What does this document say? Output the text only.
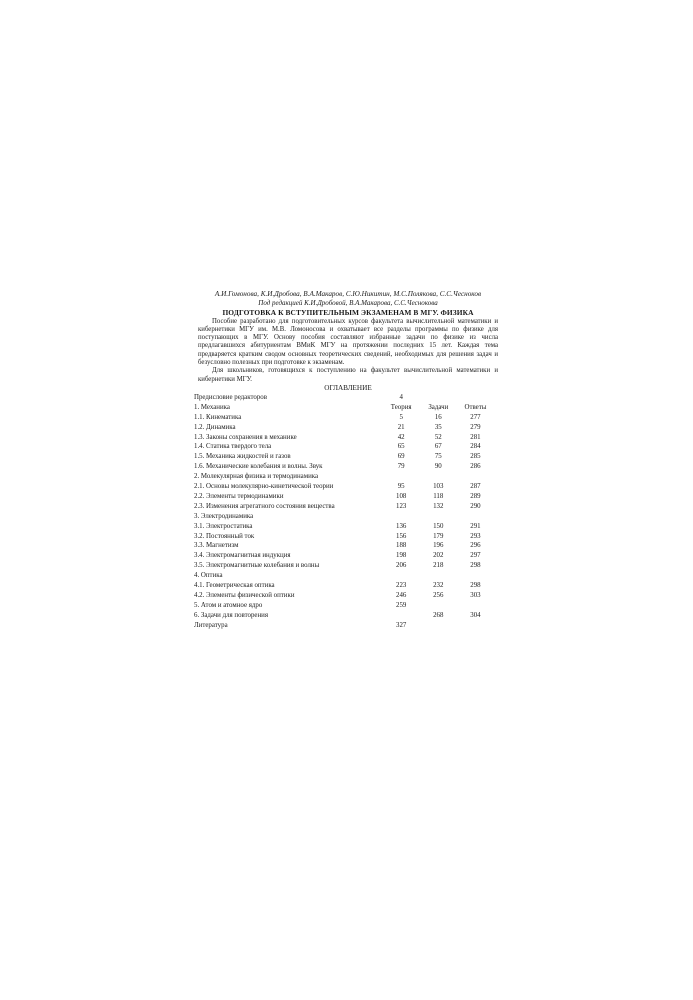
А.И.Гомонова, К.И.Дробова, В.А.Макаров, С.Ю.Никитин, М.С.Полякова, С.С.Чесноков
Под редакцией К.И.Дробовой, В.А.Макарова, С.С.Чеснокова
ПОДГОТОВКА К ВСТУПИТЕЛЬНЫМ ЭКЗАМЕНАМ В МГУ. ФИЗИКА

Пособие разработано для подготовительных курсов факультета вычислительной математики и кибернетики МГУ им. М.В. Ломоносова и охватывает все разделы программы по физике для поступающих в МГУ. Основу пособия составляют избранные задачи по физике из числа предлагавшихся абитуриентам ВМиК МГУ на протяжении последних 15 лет. Каждая тема предваряется кратким сводом основных теоретических сведений, необходимых для решения задач и безусловно полезных при подготовке к экзаменам.

Для школьников, готовящихся к поступлению на факультет вычислительной математики и кибернетики МГУ.

ОГЛАВЛЕНИЕ
Предисловие редакторов	4		
1. Механика	Теория	Задачи	Ответы
1.1. Кинематика	5	16	277
1.2. Динамика	21	35	279
1.3. Законы сохранения в механике	42	52	281
1.4. Статика твердого тела	65	67	284
1.5. Механика жидкостей и газов	69	75	285
1.6. Механические колебания и волны. Звук	79	90	286
2. Молекулярная физика и термодинамика			
2.1. Основы молекулярно-кинетической теории	95	103	287
2.2. Элементы термодинамики	108	118	289
2.3. Изменения агрегатного состояния вещества	123	132	290
3. Электродинамика			
3.1. Электростатика	136	150	291
3.2. Постоянный ток	156	179	293
3.3. Магнетизм	188	196	296
3.4. Электромагнитная индукция	198	202	297
3.5. Электромагнитные колебания и волны	206	218	298
4. Оптика			
4.1. Геометрическая оптика	223	232	298
4.2. Элементы физической оптики	246	256	303
5. Атом и атомное ядро	259		
6. Задачи для повторения		268	304
Литература	327		
